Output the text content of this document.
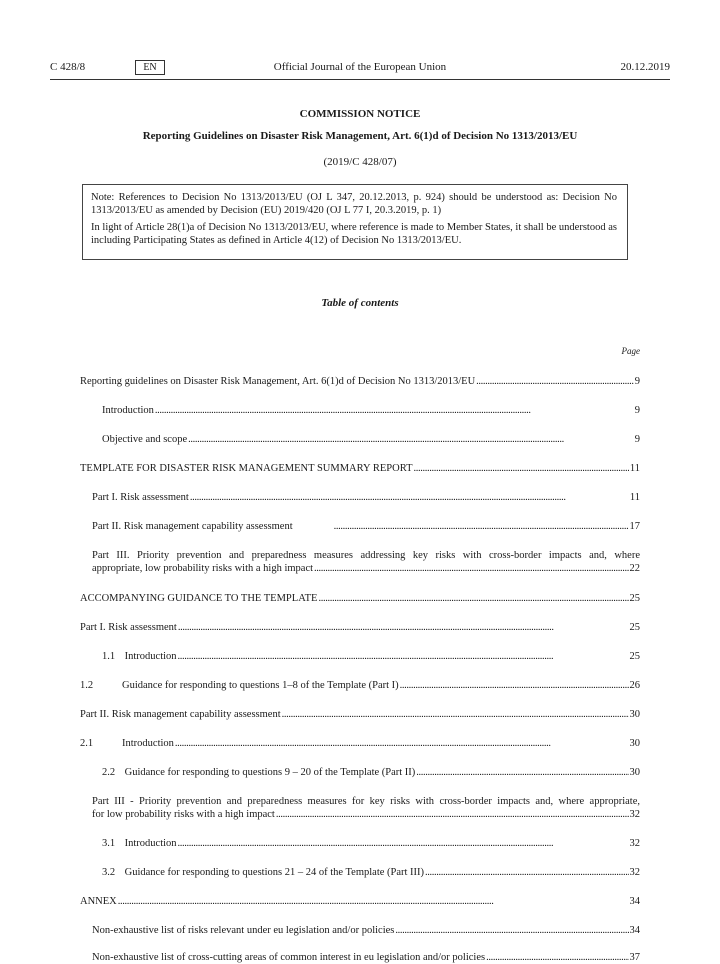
C 428/8	Official Journal of the European Union
EN	20.12.2019
COMMISSION NOTICE
Reporting Guidelines on Disaster Risk Management, Art. 6(1)d of Decision No 1313/2013/EU
(2019/C 428/07)

Note: References to Decision No 1313/2013/EU (OJ L 347, 20.12.2013, p. 924) should be understood as: Decision No 1313/2013/EU as amended by Decision (EU) 2019/420 (OJ L 77 I, 20.3.2019, p. 1)

In light of Article 28(1)a of Decision No 1313/2013/EU, where reference is made to Member States, it shall be understood as including Participating States as defined in Article 4(12) of Decision No 1313/2013/EU.

Table of contents
Page
Reporting guidelines on Disaster Risk Management, Art. 6(1)d of Decision No 1313/2013/EU . . .	9
Introduction . . .	9
Objective and scope . . .	9
TEMPLATE FOR DISASTER RISK MANAGEMENT SUMMARY REPORT . . .	11
Part I. Risk assessment . . .	11
Part II. Risk management capability assessment . . .	17
Part III. Priority prevention and preparedness measures addressing key risks with cross-border impacts and, where
appropriate, low probability risks with a high impact . . .	22
ACCOMPANYING GUIDANCE TO THE TEMPLATE . . .	25
Part I. Risk assessment . . .	25
1.1 Introduction . . .	25
1.2	Guidance for responding to questions 1–8 of the Template (Part I) . . .	26
Part II. Risk management capability assessment . . .	30
2.1	Introduction . . .	30
2.2 Guidance for responding to questions 9 – 20 of the Template (Part II) . . .	30
Part III - Priority prevention and preparedness measures for key risks with cross-border impacts and, where appropriate,
for low probability risks with a high impact . . .	32
3.1 Introduction . . .	32
3.2 Guidance for responding to questions 21 – 24 of the Template (Part III) . . .	32
ANNEX . . .	34
Non-exhaustive list of risks relevant under eu legislation and/or policies . . .	34
Non-exhaustive list of cross-cutting areas of common interest in eu legislation and/or policies . . .	37
